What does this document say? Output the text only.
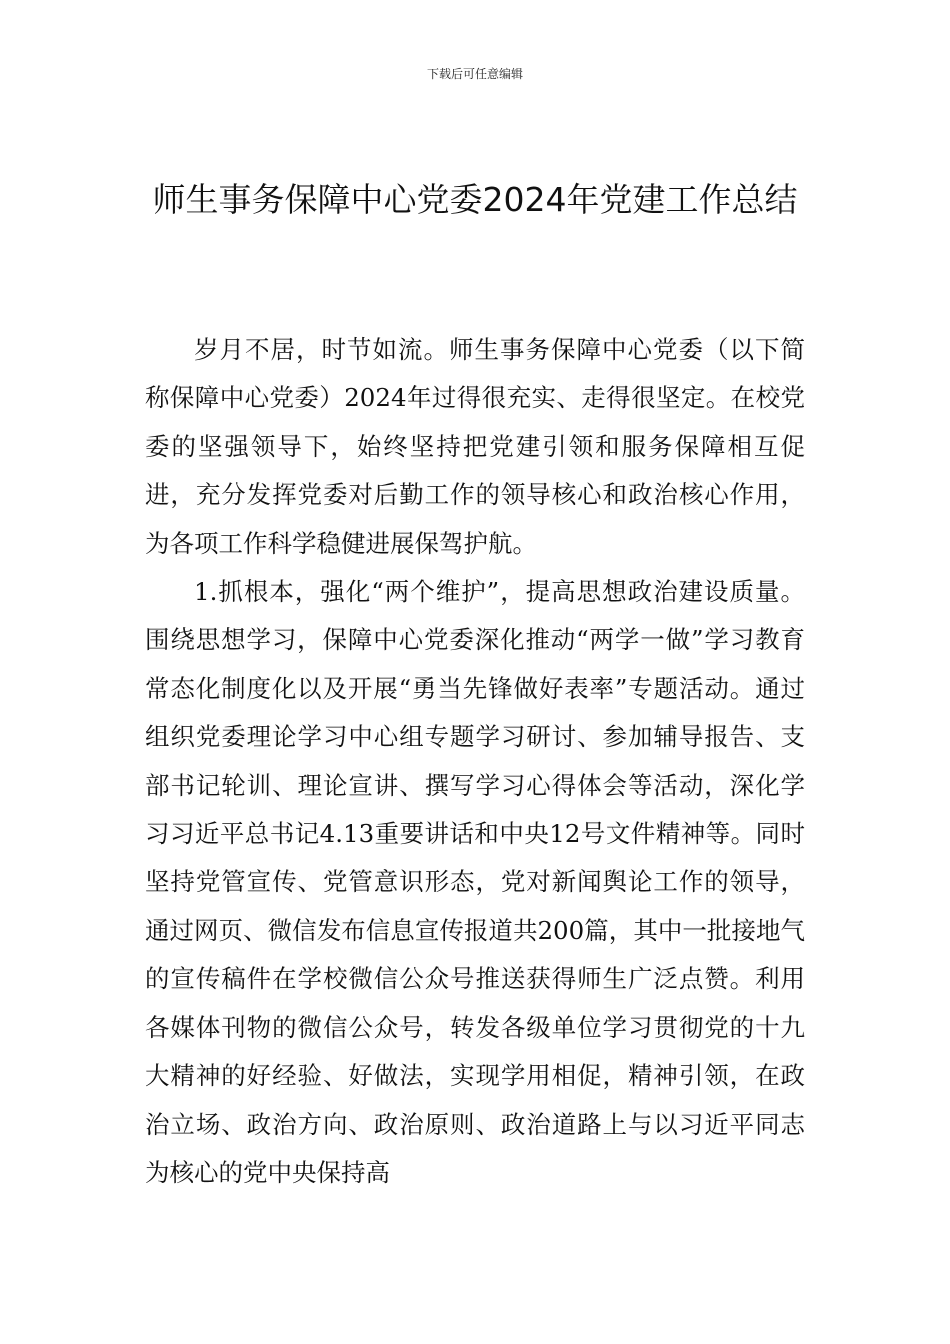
下载后可任意编辑
师生事务保障中心党委2024年党建工作总结

岁月不居，时节如流。师生事务保障中心党委（以下简称保障中心党委）2024年过得很充实、走得很坚定。在校党委的坚强领导下，始终坚持把党建引领和服务保障相互促进，充分发挥党委对后勤工作的领导核心和政治核心作用，为各项工作科学稳健进展保驾护航。

1.抓根本，强化“两个维护”，提高思想政治建设质量。围绕思想学习，保障中心党委深化推动“两学一做”学习教育常态化制度化以及开展“勇当先锋做好表率”专题活动。通过组织党委理论学习中心组专题学习研讨、参加辅导报告、支部书记轮训、理论宣讲、撰写学习心得体会等活动，深化学习习近平总书记4.13重要讲话和中央12号文件精神等。同时坚持党管宣传、党管意识形态，党对新闻舆论工作的领导，通过网页、微信发布信息宣传报道共200篇，其中一批接地气的宣传稿件在学校微信公众号推送获得师生广泛点赞。利用各媒体刊物的微信公众号，转发各级单位学习贯彻党的十九大精神的好经验、好做法，实现学用相促，精神引领，在政治立场、政治方向、政治原则、政治道路上与以习近平同志为核心的党中央保持高
